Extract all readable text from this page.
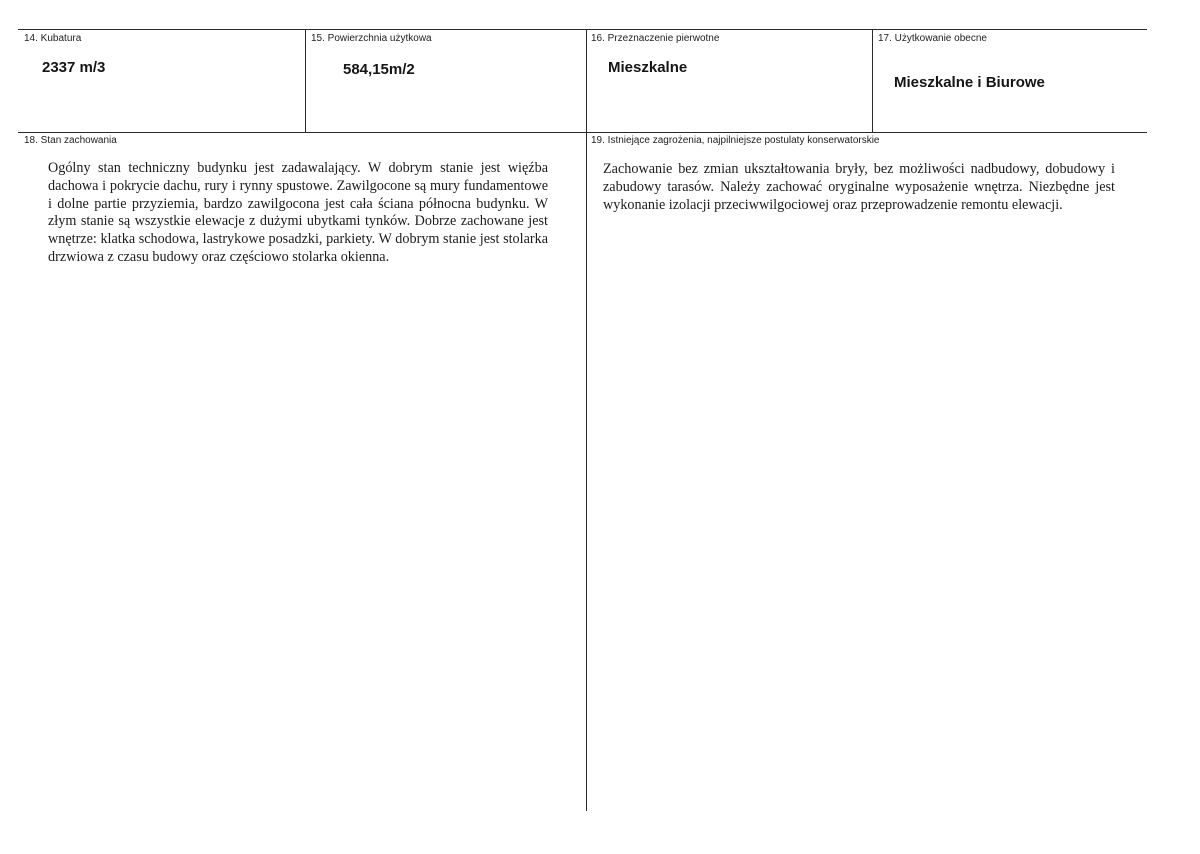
14. Kubatura
2337 m/3
15. Powierzchnia użytkowa
584,15m/2
16. Przeznaczenie pierwotne
Mieszkalne
17. Użytkowanie obecne
Mieszkalne i Biurowe
18. Stan zachowania

Ogólny stan techniczny budynku jest zadawalający. W dobrym stanie jest więźba dachowa i pokrycie dachu, rury i rynny spustowe. Zawilgocone są mury fundamentowe i dolne partie przyziemia, bardzo zawilgocona jest cała ściana północna budynku. W złym stanie są wszystkie elewacje z dużymi ubytkami tynków. Dobrze zachowane jest wnętrze: klatka schodowa, lastrykowe posadzki, parkiety. W dobrym stanie jest stolarka drzwiowa z czasu budowy oraz częściowo stolarka okienna.

19. Istniejące zagrożenia, najpilniejsze postulaty konserwatorskie

Zachowanie bez zmian ukształtowania bryły, bez możliwości nadbudowy, dobudowy i zabudowy tarasów. Należy zachować oryginalne wyposażenie wnętrza. Niezbędne jest wykonanie izolacji przeciwwilgociowej oraz przeprowadzenie remontu elewacji.
